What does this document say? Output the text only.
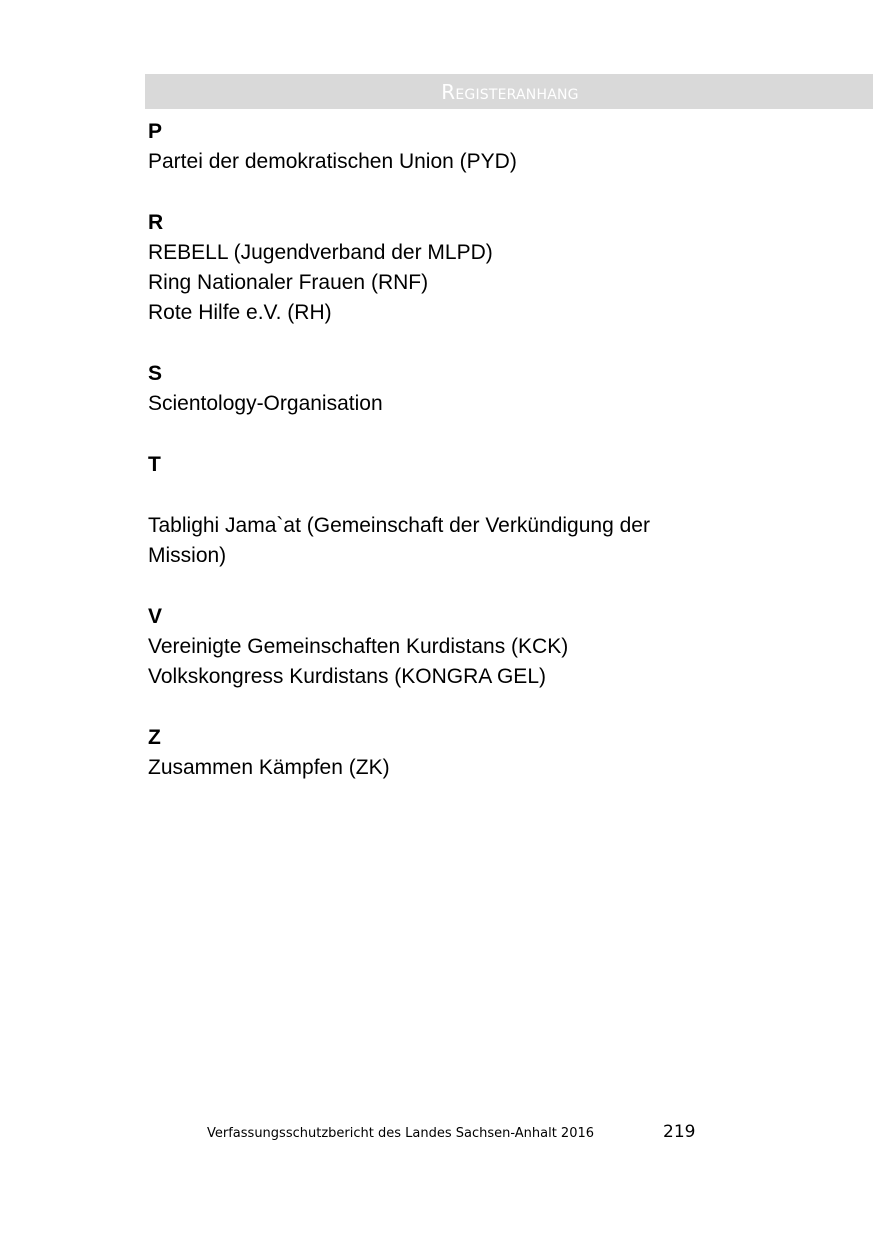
Registeranhang
P
Partei der demokratischen Union (PYD)
R
REBELL (Jugendverband der MLPD)
Ring Nationaler Frauen (RNF)
Rote Hilfe e.V. (RH)
S
Scientology-Organisation
T
Tablighi Jama`at (Gemeinschaft der Verkündigung der Mission)
V
Vereinigte Gemeinschaften Kurdistans (KCK)
Volkskongress Kurdistans (KONGRA GEL)
Z
Zusammen Kämpfen (ZK)
Verfassungsschutzbericht des Landes Sachsen-Anhalt 2016	219
